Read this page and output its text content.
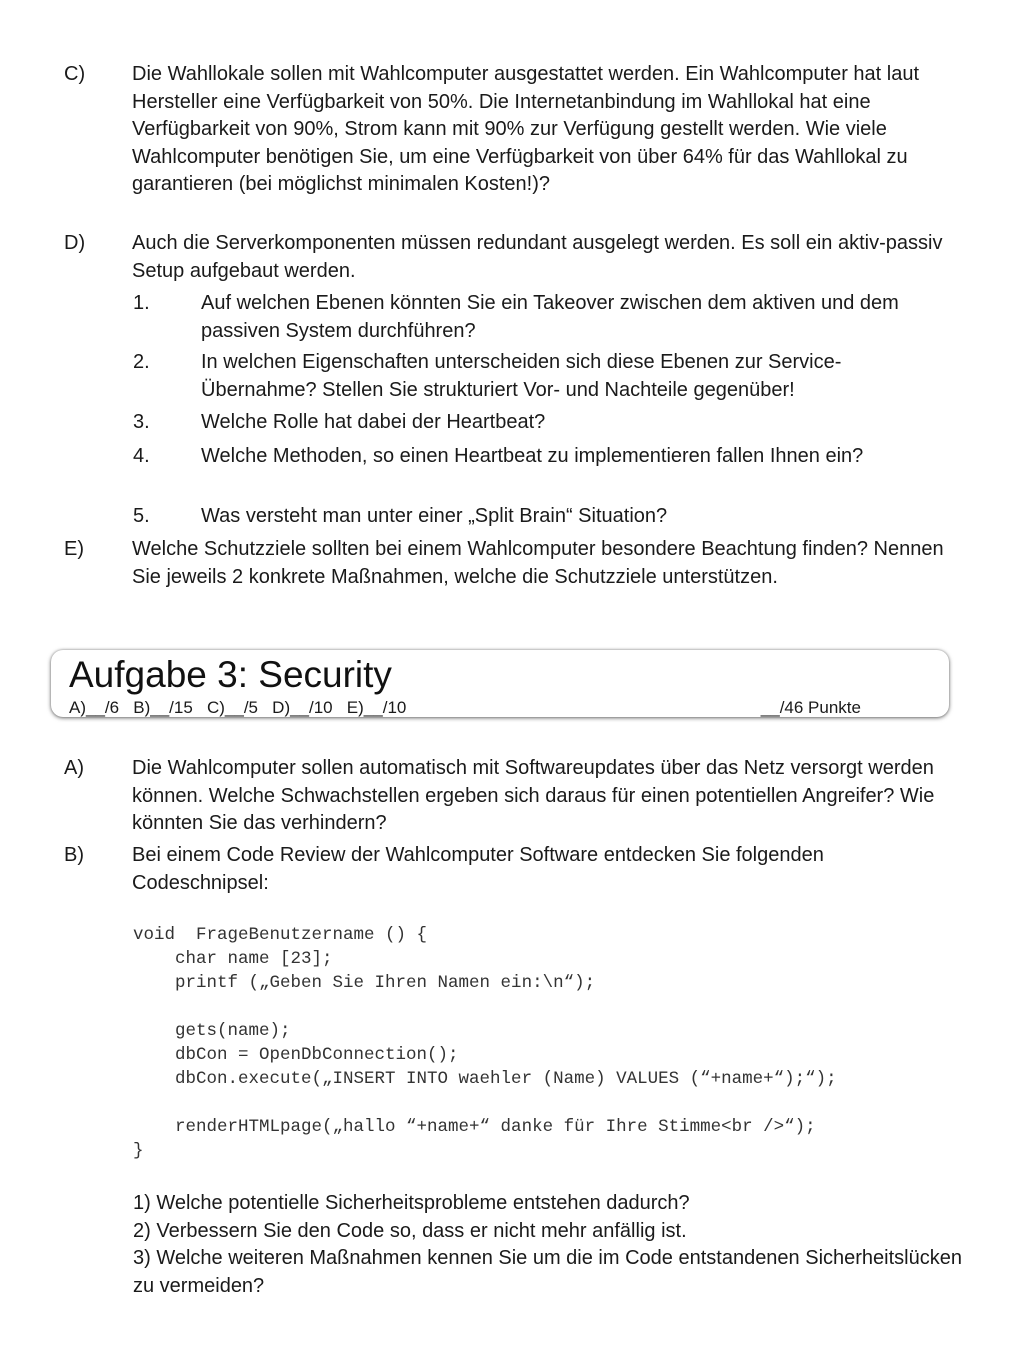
C) Die Wahllokale sollen mit Wahlcomputer ausgestattet werden. Ein Wahlcomputer hat laut Hersteller eine Verfügbarkeit von 50%. Die Internetanbindung im Wahllokal hat eine Verfügbarkeit von 90%, Strom kann mit 90% zur Verfügung gestellt werden. Wie viele Wahlcomputer benötigen Sie, um eine Verfügbarkeit von über 64% für das Wahllokal zu garantieren (bei möglichst minimalen Kosten!)?
D) Auch die Serverkomponenten müssen redundant ausgelegt werden. Es soll ein aktiv-passiv Setup aufgebaut werden.
1.	Auf welchen Ebenen könnten Sie ein Takeover zwischen dem aktiven und dem passiven System durchführen?
2.	In welchen Eigenschaften unterscheiden sich diese Ebenen zur Service-Übernahme? Stellen Sie strukturiert Vor- und Nachteile gegenüber!
3.	Welche Rolle hat dabei der Heartbeat?
4.	Welche Methoden, so einen Heartbeat zu implementieren fallen Ihnen ein?
5.	Was versteht man unter einer „Split Brain“ Situation?
E) Welche Schutzziele sollten bei einem Wahlcomputer besondere Beachtung finden? Nennen Sie jeweils 2 konkrete Maßnahmen, welche die Schutzziele unterstützen.
Aufgabe 3: Security
A)__/6   B)__/15   C)__/5   D)__/10   E)__/10	__/46 Punkte
A) Die Wahlcomputer sollen automatisch mit Softwareupdates über das Netz versorgt werden können. Welche Schwachstellen ergeben sich daraus für einen potentiellen Angreifer? Wie könnten Sie das verhindern?
B) Bei einem Code Review der Wahlcomputer Software entdecken Sie folgenden Codeschnipsel:
void  FrageBenutzername () {
char name [23];
printf („Geben Sie Ihren Namen ein:\n“);
gets(name);
dbCon = OpenDbConnection();
dbCon.execute(„INSERT INTO waehler (Name) VALUES (“+name+“);“);
renderHTMLpage(„hallo “+name+“ danke für Ihre Stimme<br />“);
}
1) Welche potentielle Sicherheitsprobleme entstehen dadurch?
2) Verbessern Sie den Code so, dass er nicht mehr anfällig ist.
3) Welche weiteren Maßnahmen kennen Sie um die im Code entstandenen Sicherheitslücken zu vermeiden?
